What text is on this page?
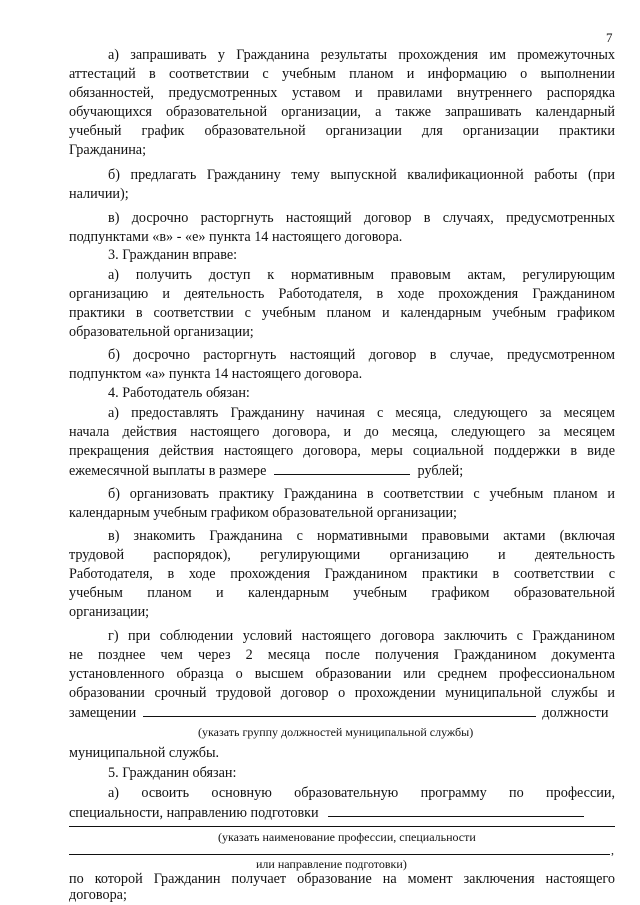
7
а) запрашивать у Гражданина результаты прохождения им промежуточных
аттестаций в соответствии с учебным планом и информацию о выполнении
обязанностей, предусмотренных уставом и правилами внутреннего распорядка
обучающихся образовательной организации, а также запрашивать календарный
учебный график образовательной организации для организации практики
Гражданина;
б) предлагать Гражданину тему выпускной квалификационной работы (при
наличии);
в) досрочно расторгнуть настоящий договор в случаях, предусмотренных
подпунктами «в» - «е» пункта 14 настоящего договора.
3. Гражданин вправе:
а) получить доступ к нормативным правовым актам, регулирующим
организацию и деятельность Работодателя, в ходе прохождения Гражданином
практики в соответствии с учебным планом и календарным учебным графиком
образовательной организации;
б) досрочно расторгнуть настоящий договор в случае, предусмотренном
подпунктом «а» пункта 14 настоящего договора.
4. Работодатель обязан:
а) предоставлять Гражданину начиная с месяца, следующего за месяцем
начала действия настоящего договора, и до месяца, следующего за месяцем
прекращения действия настоящего договора, меры социальной поддержки в виде
ежемесячной выплаты в размере	рублей;
б) организовать практику Гражданина в соответствии с учебным планом и
календарным учебным графиком образовательной организации;
в) знакомить Гражданина с нормативными правовыми актами (включая
трудовой распорядок), регулирующими организацию и деятельность
Работодателя, в ходе прохождения Гражданином практики в соответствии с
учебным планом и календарным учебным графиком образовательной
организации;
г) при соблюдении условий настоящего договора заключить с Гражданином
не позднее чем через 2 месяца после получения Гражданином документа
установленного образца о высшем образовании или среднем профессиональном
образовании срочный трудовой договор о прохождении муниципальной службы и
замещении	должности
(указать группу должностей муниципальной службы)
муниципальной службы.
5. Гражданин обязан:
а) освоить основную образовательную программу по профессии,
специальности, направлению подготовки
(указать наименование профессии, специальности
,
или направление подготовки)
по которой Гражданин получает образование на момент заключения настоящего
договора;
